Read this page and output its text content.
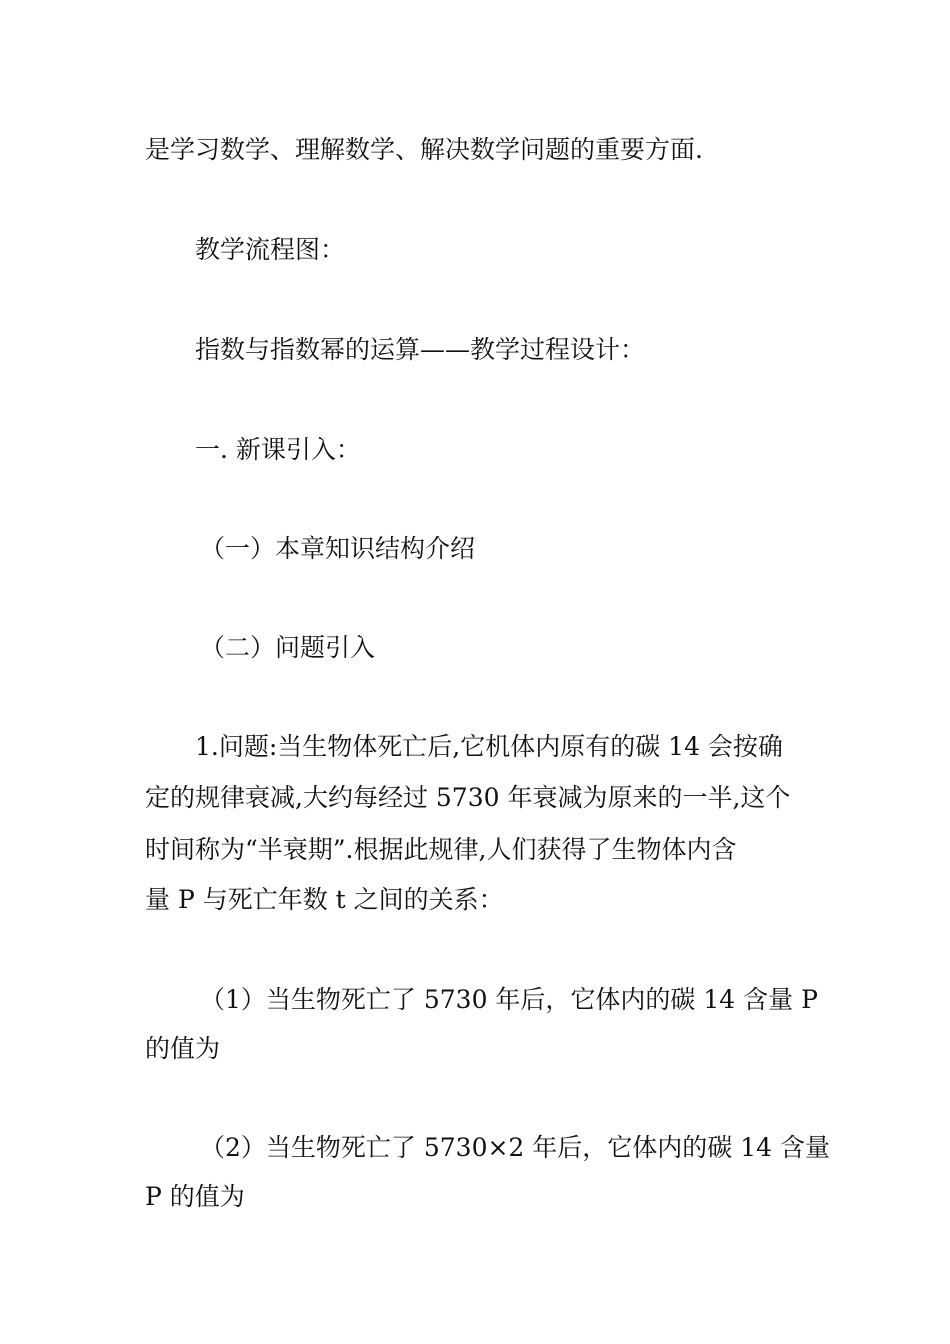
是学习数学、理解数学、解决数学问题的重要方面.
教学流程图：
指数与指数幂的运算——教学过程设计：
一. 新课引入：
（一）本章知识结构介绍
（二）问题引入
1.问题:当生物体死亡后,它机体内原有的碳 14 会按确
定的规律衰减,大约每经过 5730 年衰减为原来的一半,这个
时间称为“半衰期”.根据此规律,人们获得了生物体内含
量 P 与死亡年数 t 之间的关系：
（1）当生物死亡了 5730 年后，它体内的碳 14 含量 P
的值为
（2）当生物死亡了 5730×2 年后，它体内的碳 14 含量
P 的值为
